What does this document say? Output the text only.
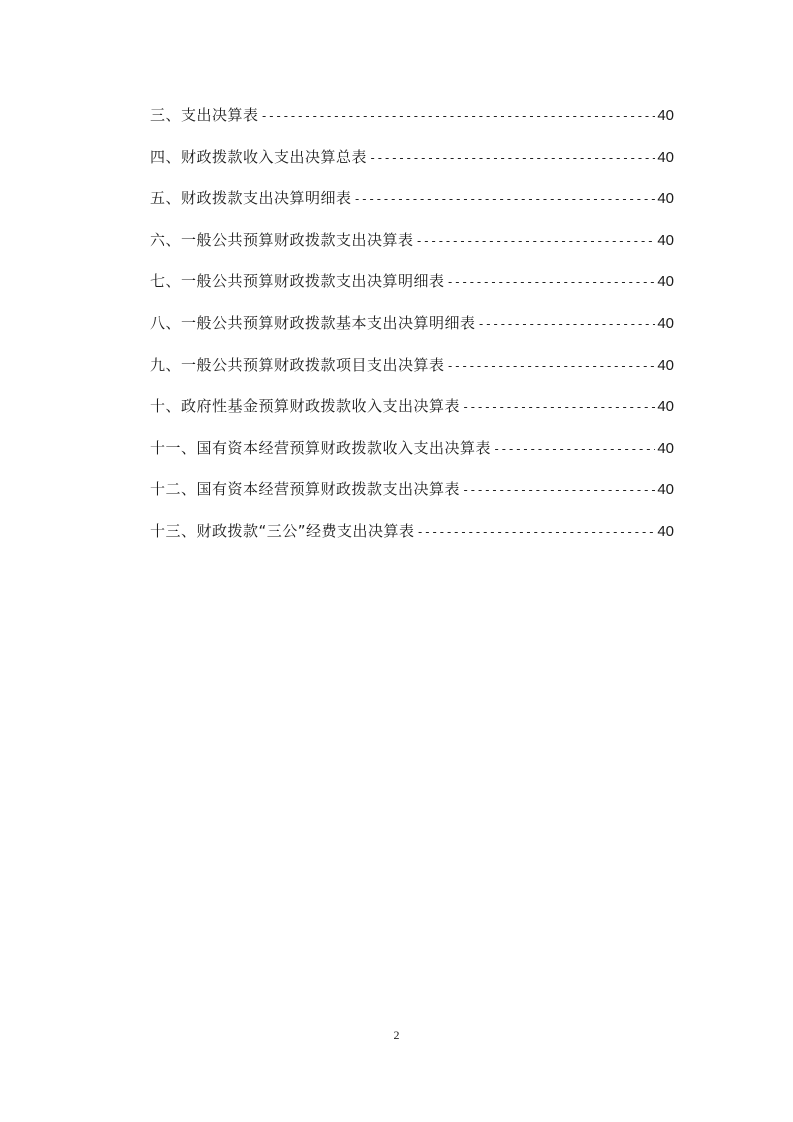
三、支出决算表 -----	40
四、财政拨款收入支出决算总表 -----	40
五、财政拨款支出决算明细表 -----	40
六、一般公共预算财政拨款支出决算表 -----	40
七、一般公共预算财政拨款支出决算明细表 -----	40
八、一般公共预算财政拨款基本支出决算明细表 -----	40
九、一般公共预算财政拨款项目支出决算表 -----	40
十、政府性基金预算财政拨款收入支出决算表 -----	40
十一、国有资本经营预算财政拨款收入支出决算表 -----	40
十二、国有资本经营预算财政拨款支出决算表 -----	40
十三、财政拨款“三公”经费支出决算表 -----	40
2
